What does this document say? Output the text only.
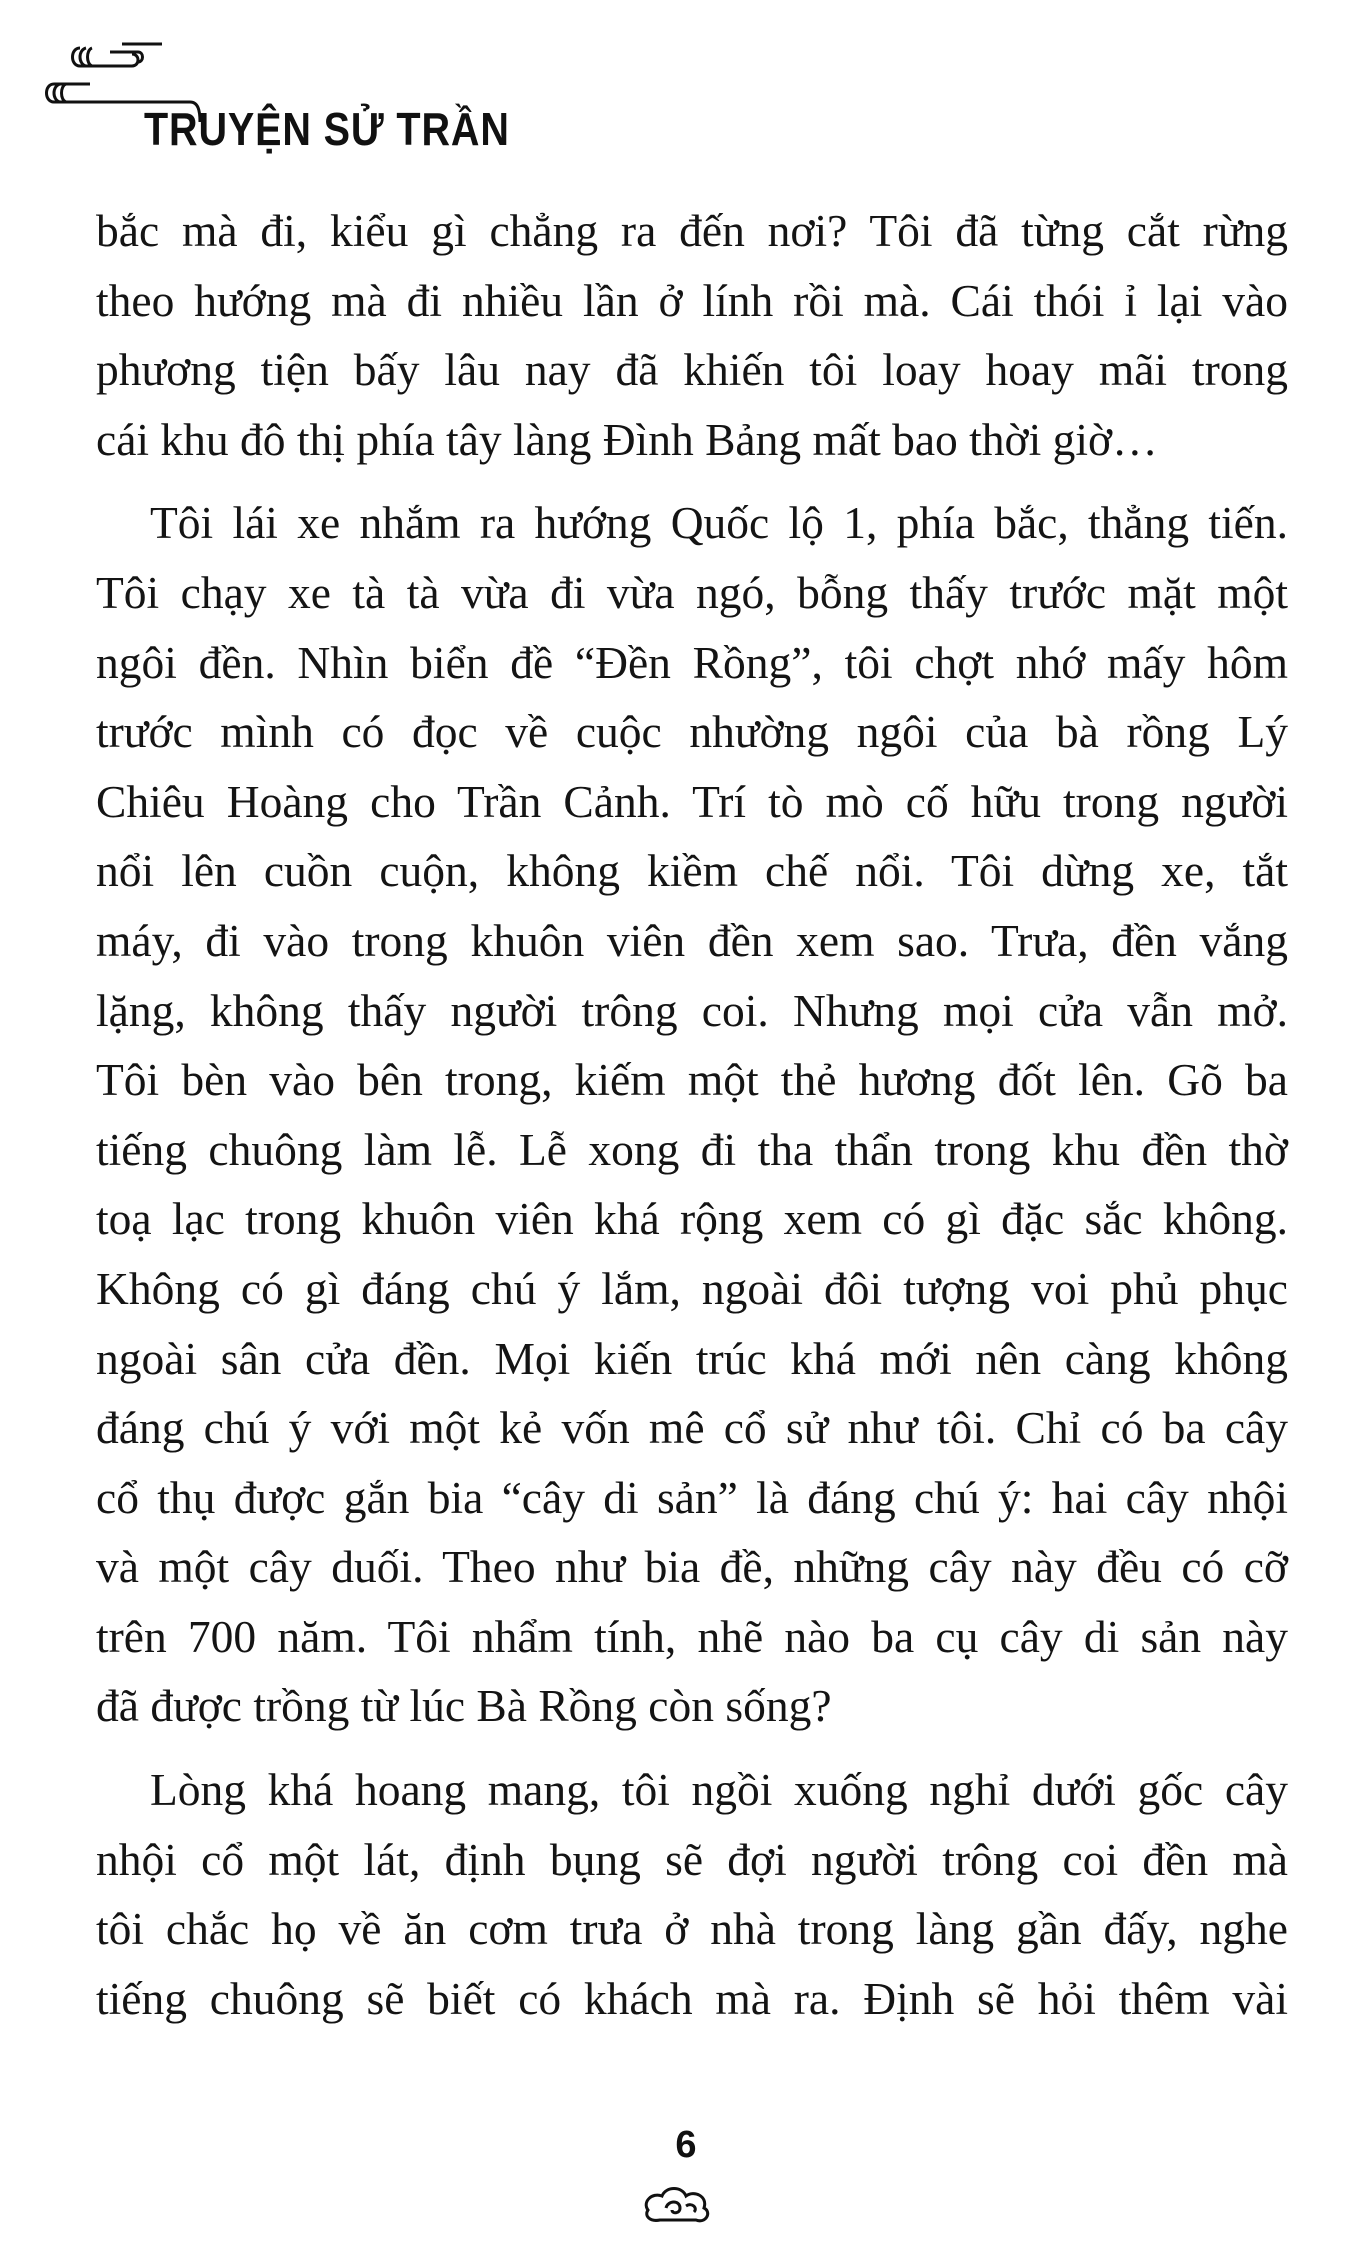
TRUYỆN SỬ TRẦN

bắc mà đi, kiểu gì chẳng ra đến nơi? Tôi đã từng cắt rừng
theo hướng mà đi nhiều lần ở lính rồi mà. Cái thói ỉ lại vào
phương tiện bấy lâu nay đã khiến tôi loay hoay mãi trong
cái khu đô thị phía tây làng Đình Bảng mất bao thời giờ…

Tôi lái xe nhắm ra hướng Quốc lộ 1, phía bắc, thẳng tiến.
Tôi chạy xe tà tà vừa đi vừa ngó, bỗng thấy trước mặt một
ngôi đền. Nhìn biển đề “Đền Rồng”, tôi chợt nhớ mấy hôm
trước mình có đọc về cuộc nhường ngôi của bà rồng Lý
Chiêu Hoàng cho Trần Cảnh. Trí tò mò cố hữu trong người
nổi lên cuồn cuộn, không kiềm chế nổi. Tôi dừng xe, tắt
máy, đi vào trong khuôn viên đền xem sao. Trưa, đền vắng
lặng, không thấy người trông coi. Nhưng mọi cửa vẫn mở.
Tôi bèn vào bên trong, kiếm một thẻ hương đốt lên. Gõ ba
tiếng chuông làm lễ. Lễ xong đi tha thẩn trong khu đền thờ
toạ lạc trong khuôn viên khá rộng xem có gì đặc sắc không.
Không có gì đáng chú ý lắm, ngoài đôi tượng voi phủ phục
ngoài sân cửa đền. Mọi kiến trúc khá mới nên càng không
đáng chú ý với một kẻ vốn mê cổ sử như tôi. Chỉ có ba cây
cổ thụ được gắn bia “cây di sản” là đáng chú ý: hai cây nhội
và một cây duối. Theo như bia đề, những cây này đều có cỡ
trên 700 năm. Tôi nhẩm tính, nhẽ nào ba cụ cây di sản này
đã được trồng từ lúc Bà Rồng còn sống?

Lòng khá hoang mang, tôi ngồi xuống nghỉ dưới gốc cây
nhội cổ một lát, định bụng sẽ đợi người trông coi đền mà
tôi chắc họ về ăn cơm trưa ở nhà trong làng gần đấy, nghe
tiếng chuông sẽ biết có khách mà ra. Định sẽ hỏi thêm vài

6
